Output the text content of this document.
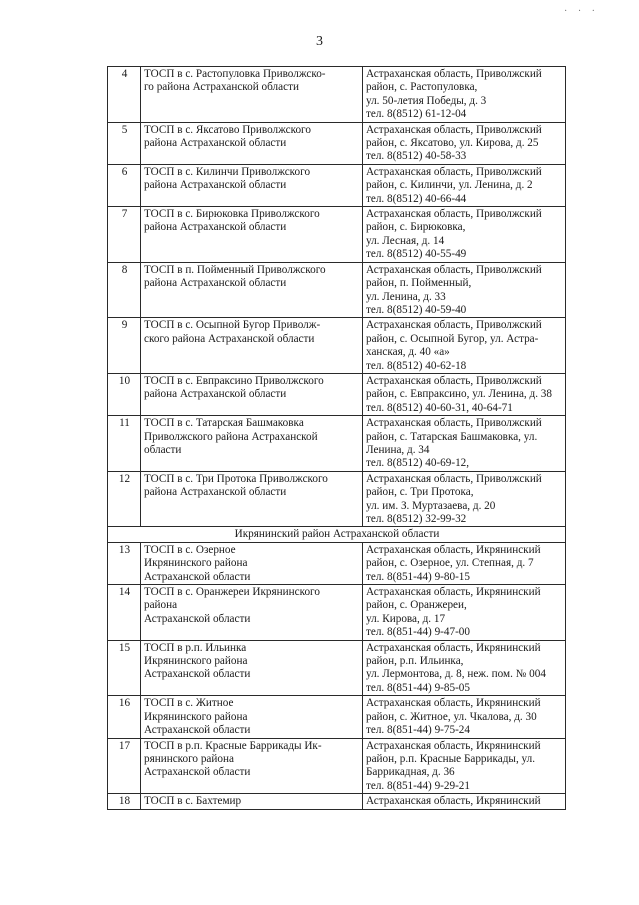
· · ·
3
4	ТОСП в с. Растопуловка Приволжско-
го района Астраханской области	Астраханская область, Приволжский
район, с. Растопуловка,
ул. 50-летия Победы, д. 3
тел. 8(8512) 61-12-04

5	ТОСП в с. Яксатово Приволжского
района Астраханской области	Астраханская область, Приволжский
район, с. Яксатово, ул. Кирова, д. 25
тел. 8(8512) 40-58-33

6	ТОСП в с. Килинчи Приволжского
района Астраханской области	Астраханская область, Приволжский
район, с. Килинчи, ул. Ленина, д. 2
тел. 8(8512) 40-66-44

7	ТОСП в с. Бирюковка Приволжского
района Астраханской области	Астраханская область, Приволжский
район, с. Бирюковка,
ул. Лесная, д. 14
тел. 8(8512) 40-55-49

8	ТОСП в п. Пойменный Приволжского
района Астраханской области	Астраханская область, Приволжский
район, п. Пойменный,
ул. Ленина, д. 33
тел. 8(8512) 40-59-40

9	ТОСП в с. Осыпной Бугор Приволж-
ского района Астраханской области	Астраханская область, Приволжский
район, с. Осыпной Бугор, ул. Астра-
ханская, д. 40 «а»
тел. 8(8512) 40-62-18

10	ТОСП в с. Евпраксино Приволжского
района Астраханской области	Астраханская область, Приволжский
район, с. Евпраксино, ул. Ленина, д. 38
тел. 8(8512) 40-60-31, 40-64-71

11	ТОСП в с. Татарская Башмаковка
Приволжского района Астраханской
области	Астраханская область, Приволжский
район, с. Татарская Башмаковка, ул.
Ленина, д. 34
тел. 8(8512) 40-69-12,

12	ТОСП в с. Три Протока Приволжского
района Астраханской области	Астраханская область, Приволжский
район, с. Три Протока,
ул. им. З. Муртазаева, д. 20
тел. 8(8512) 32-99-32

Икрянинский район Астраханской области		
13	ТОСП в с. Озерное
Икрянинского района
Астраханской области	Астраханская область, Икрянинский
район, с. Озерное, ул. Степная, д. 7
тел. 8(851-44) 9-80-15

14	ТОСП в с. Оранжереи Икрянинского
района
Астраханской области	Астраханская область, Икрянинский
район, с. Оранжереи,
ул. Кирова, д. 17
тел. 8(851-44) 9-47-00

15	ТОСП в р.п. Ильинка
Икрянинского района
Астраханской области	Астраханская область, Икрянинский
район, р.п. Ильинка,
ул. Лермонтова, д. 8, неж. пом. № 004
тел. 8(851-44) 9-85-05

16	ТОСП в с. Житное
Икрянинского района
Астраханской области	Астраханская область, Икрянинский
район, с. Житное, ул. Чкалова, д. 30
тел. 8(851-44) 9-75-24

17	ТОСП в р.п. Красные Баррикады Ик-
рянинского района
Астраханской области	Астраханская область, Икрянинский
район, р.п. Красные Баррикады, ул.
Баррикадная, д. 36
тел. 8(851-44) 9-29-21

18	ТОСП в с. Бахтемир	Астраханская область, Икрянинский
